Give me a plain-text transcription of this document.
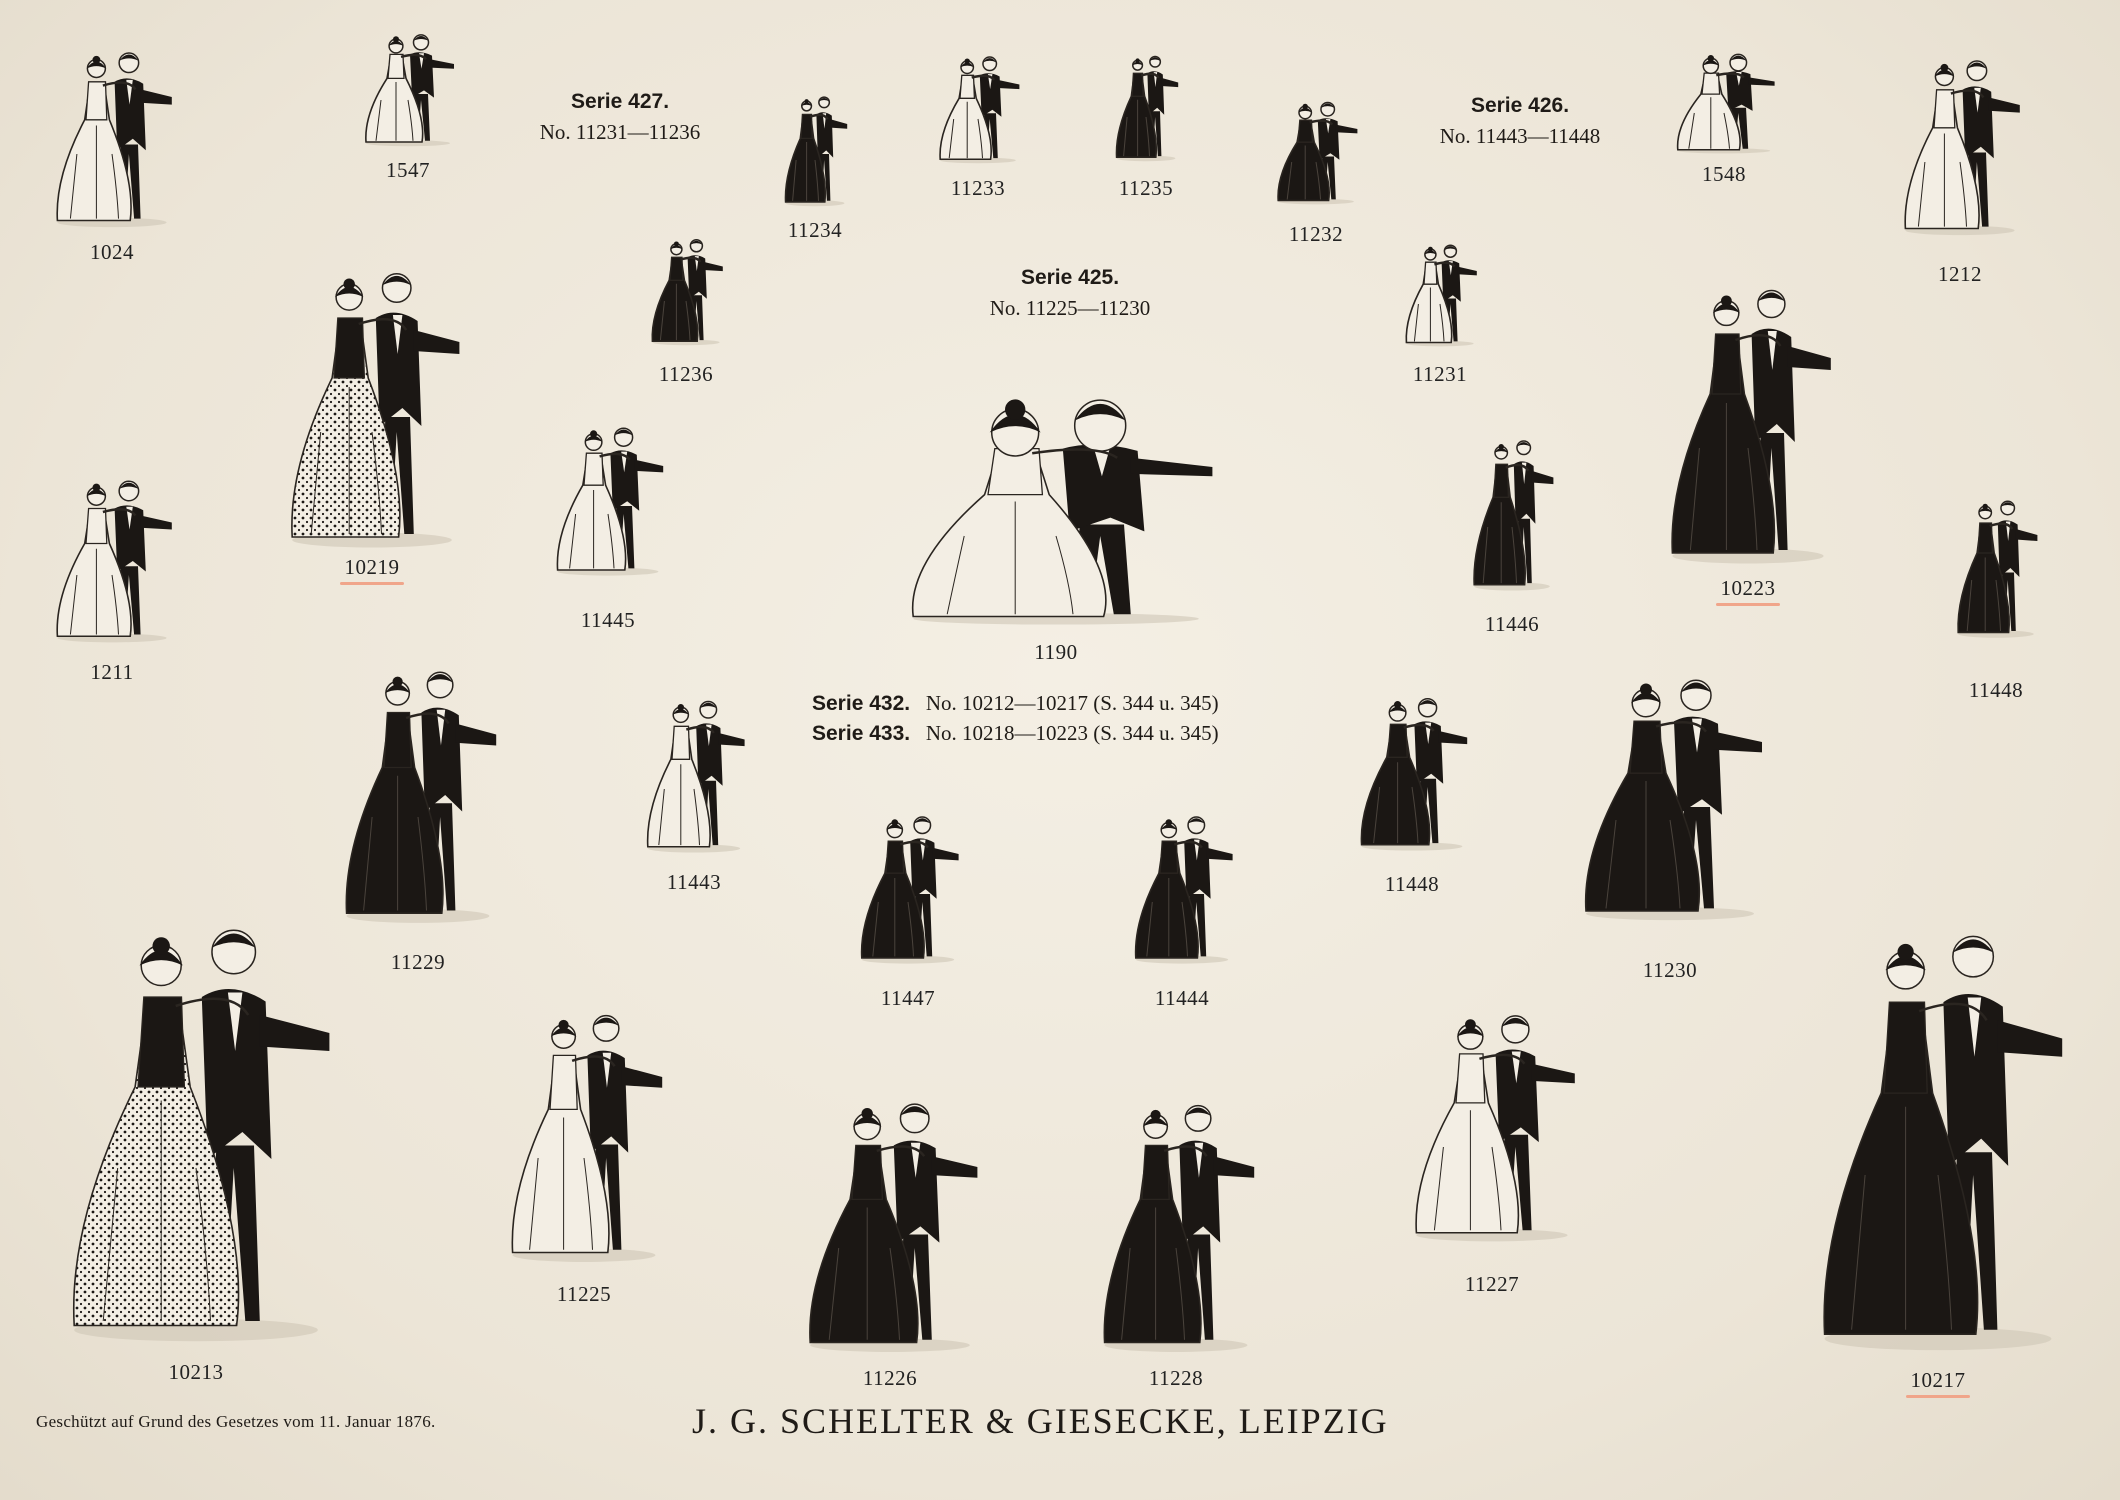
Serie 427.
No. 11231—11236
Serie 426.
No. 11443—11448
Serie 425.
No. 11225—11230
Serie 432. No. 10212—10217 (S. 344 u. 345)
Serie 433. No. 10218—10223 (S. 344 u. 345)
1024
1547
11234
11233	11235
11232
1548
1212
11236	11231
10219
10223
1211
11445
1190
11446
11448
11229
11443	11448
11230
11447	11444
10213
11225
11226	11228
11227
10217
Geschützt auf Grund des Gesetzes vom 11. Januar 1876.	J. G. SCHELTER & GIESECKE, LEIPZIG
